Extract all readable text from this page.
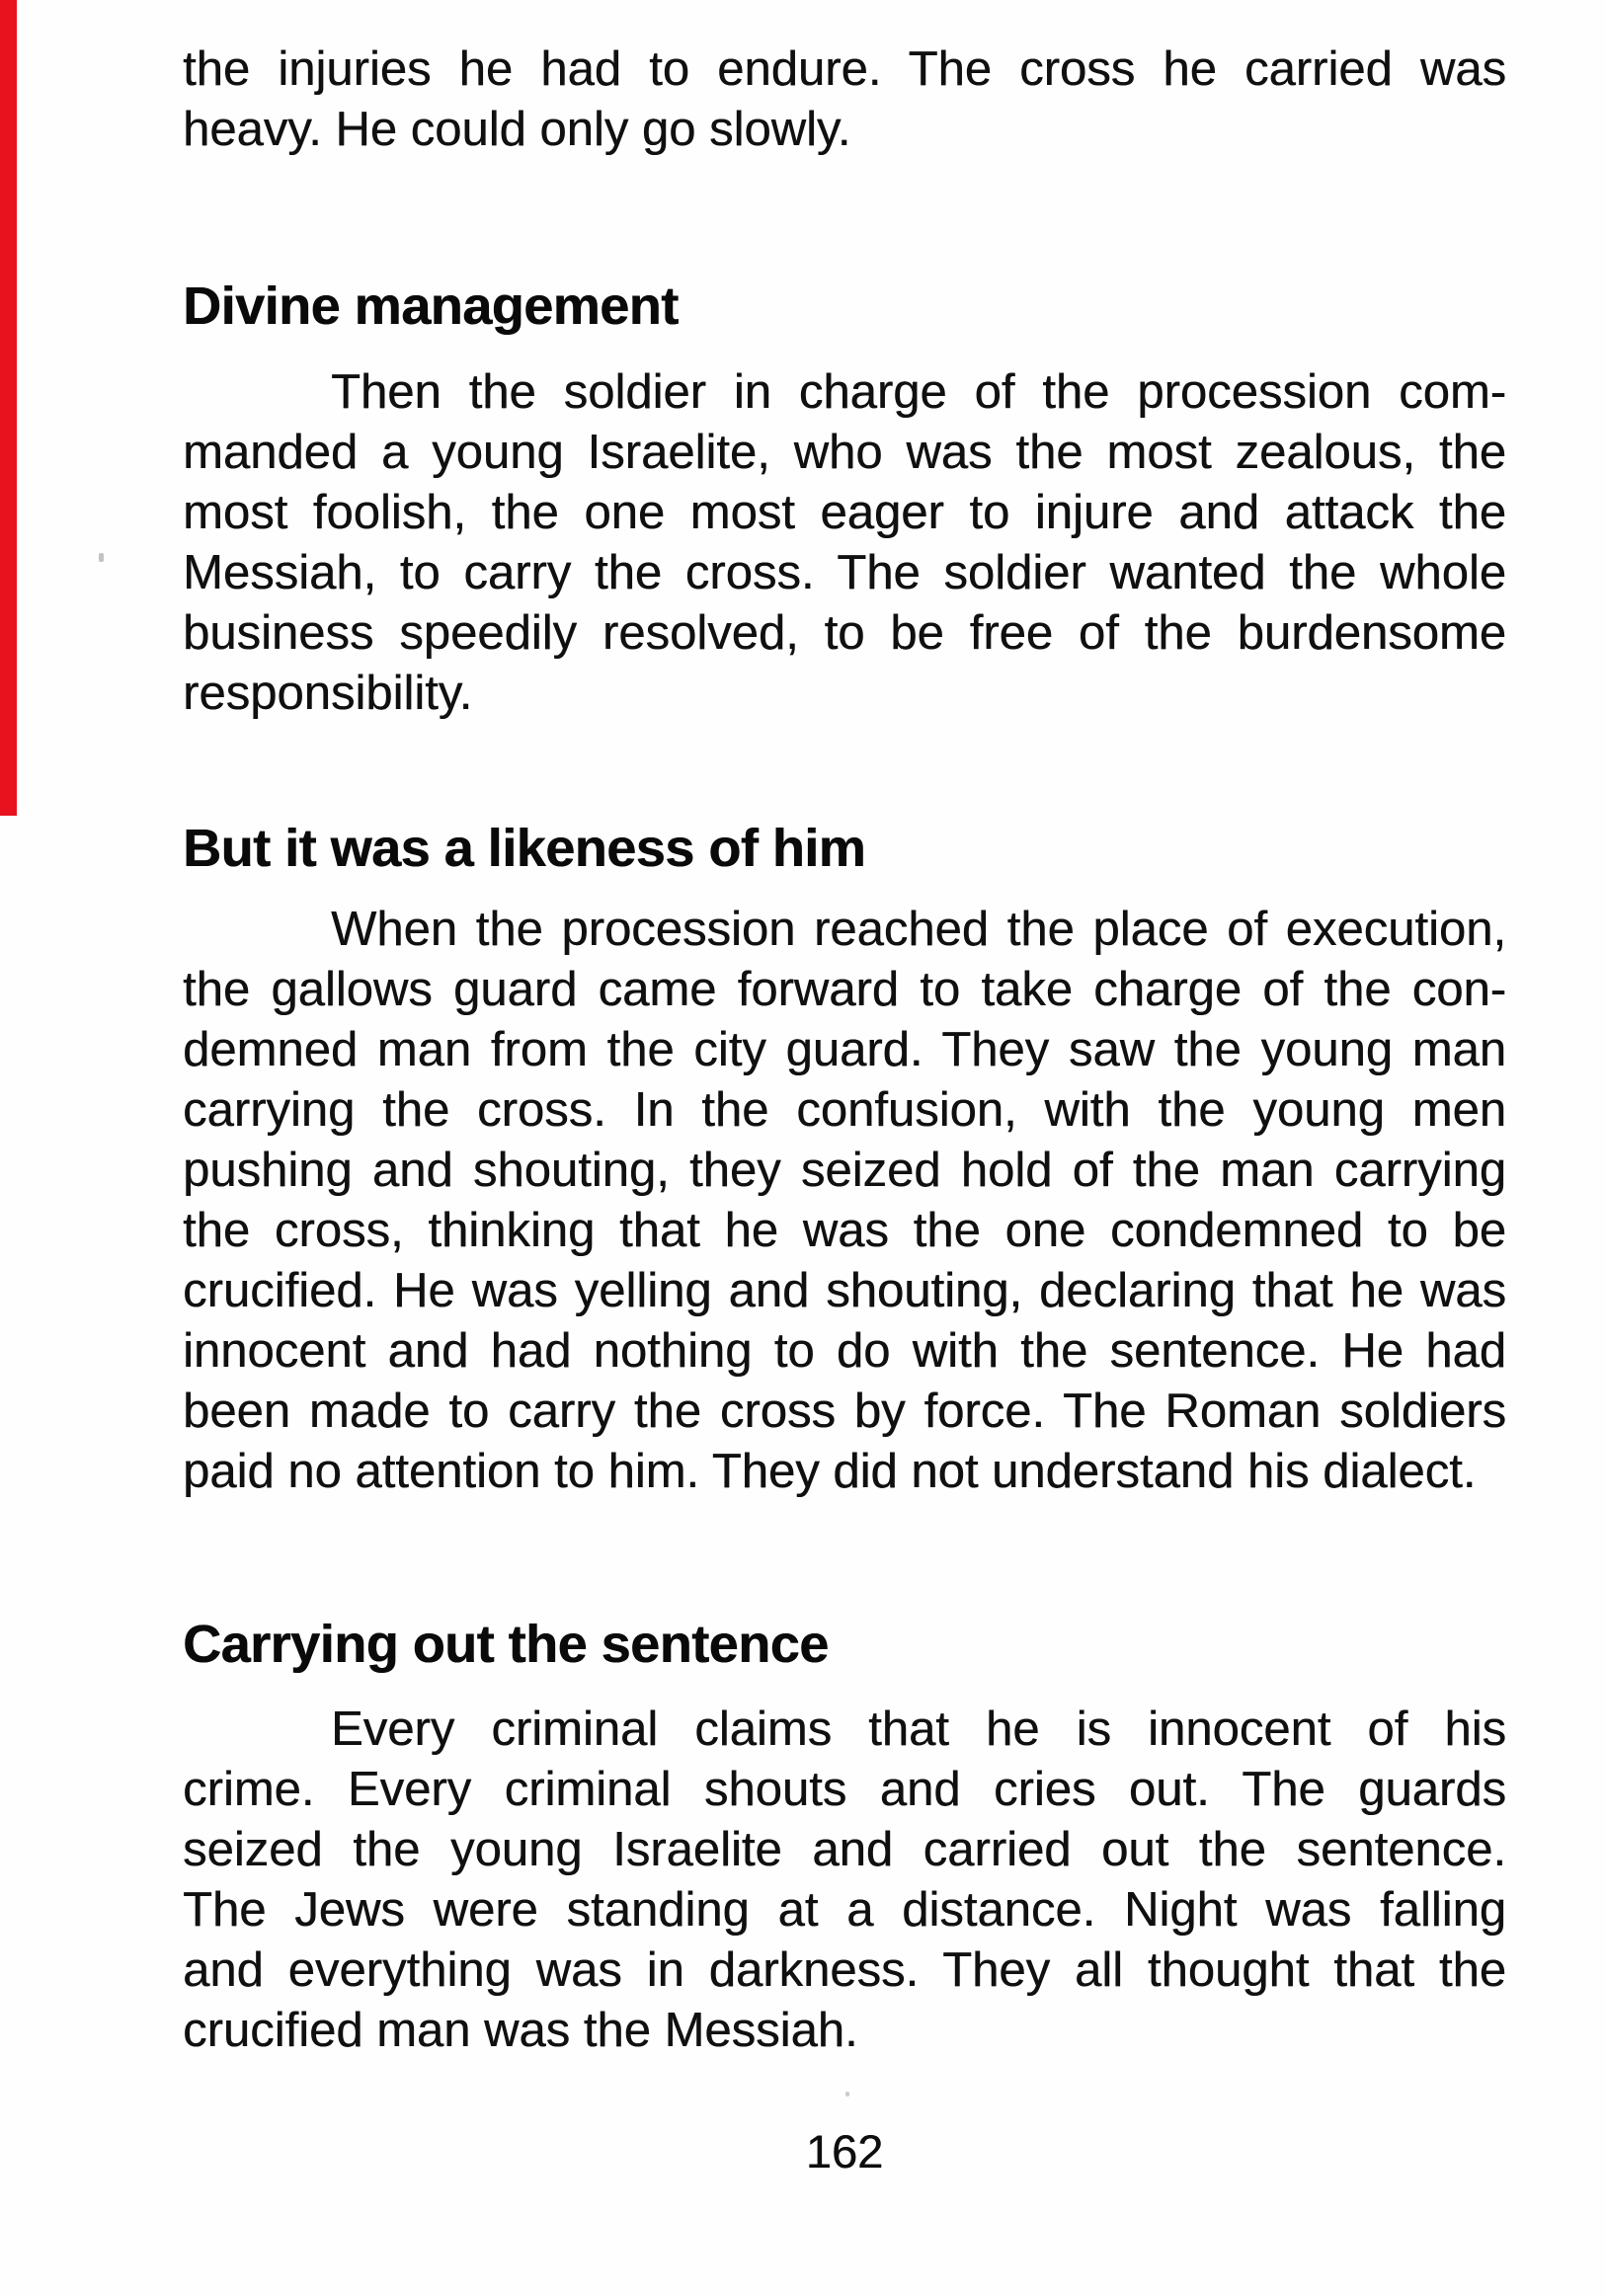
the injuries he had to endure. The cross he carried was
heavy. He could only go slowly.
Divine management
Then the soldier in charge of the procession com-
manded a young Israelite, who was the most zealous, the
most foolish, the one most eager to injure and attack the
Messiah, to carry the cross. The soldier wanted the whole
business speedily resolved, to be free of the burdensome
responsibility.
But it was a likeness of him
When the procession reached the place of execution,
the gallows guard came forward to take charge of the con-
demned man from the city guard. They saw the young man
carrying the cross. In the confusion, with the young men
pushing and shouting, they seized hold of the man carrying
the cross, thinking that he was the one condemned to be
crucified. He was yelling and shouting, declaring that he was
innocent and had nothing to do with the sentence. He had
been made to carry the cross by force. The Roman soldiers
paid no attention to him. They did not understand his dialect.
Carrying out the sentence
Every criminal claims that he is innocent of his
crime. Every criminal shouts and cries out. The guards
seized the young Israelite and carried out the sentence.
The Jews were standing at a distance. Night was falling
and everything was in darkness. They all thought that the
crucified man was the Messiah.
162
